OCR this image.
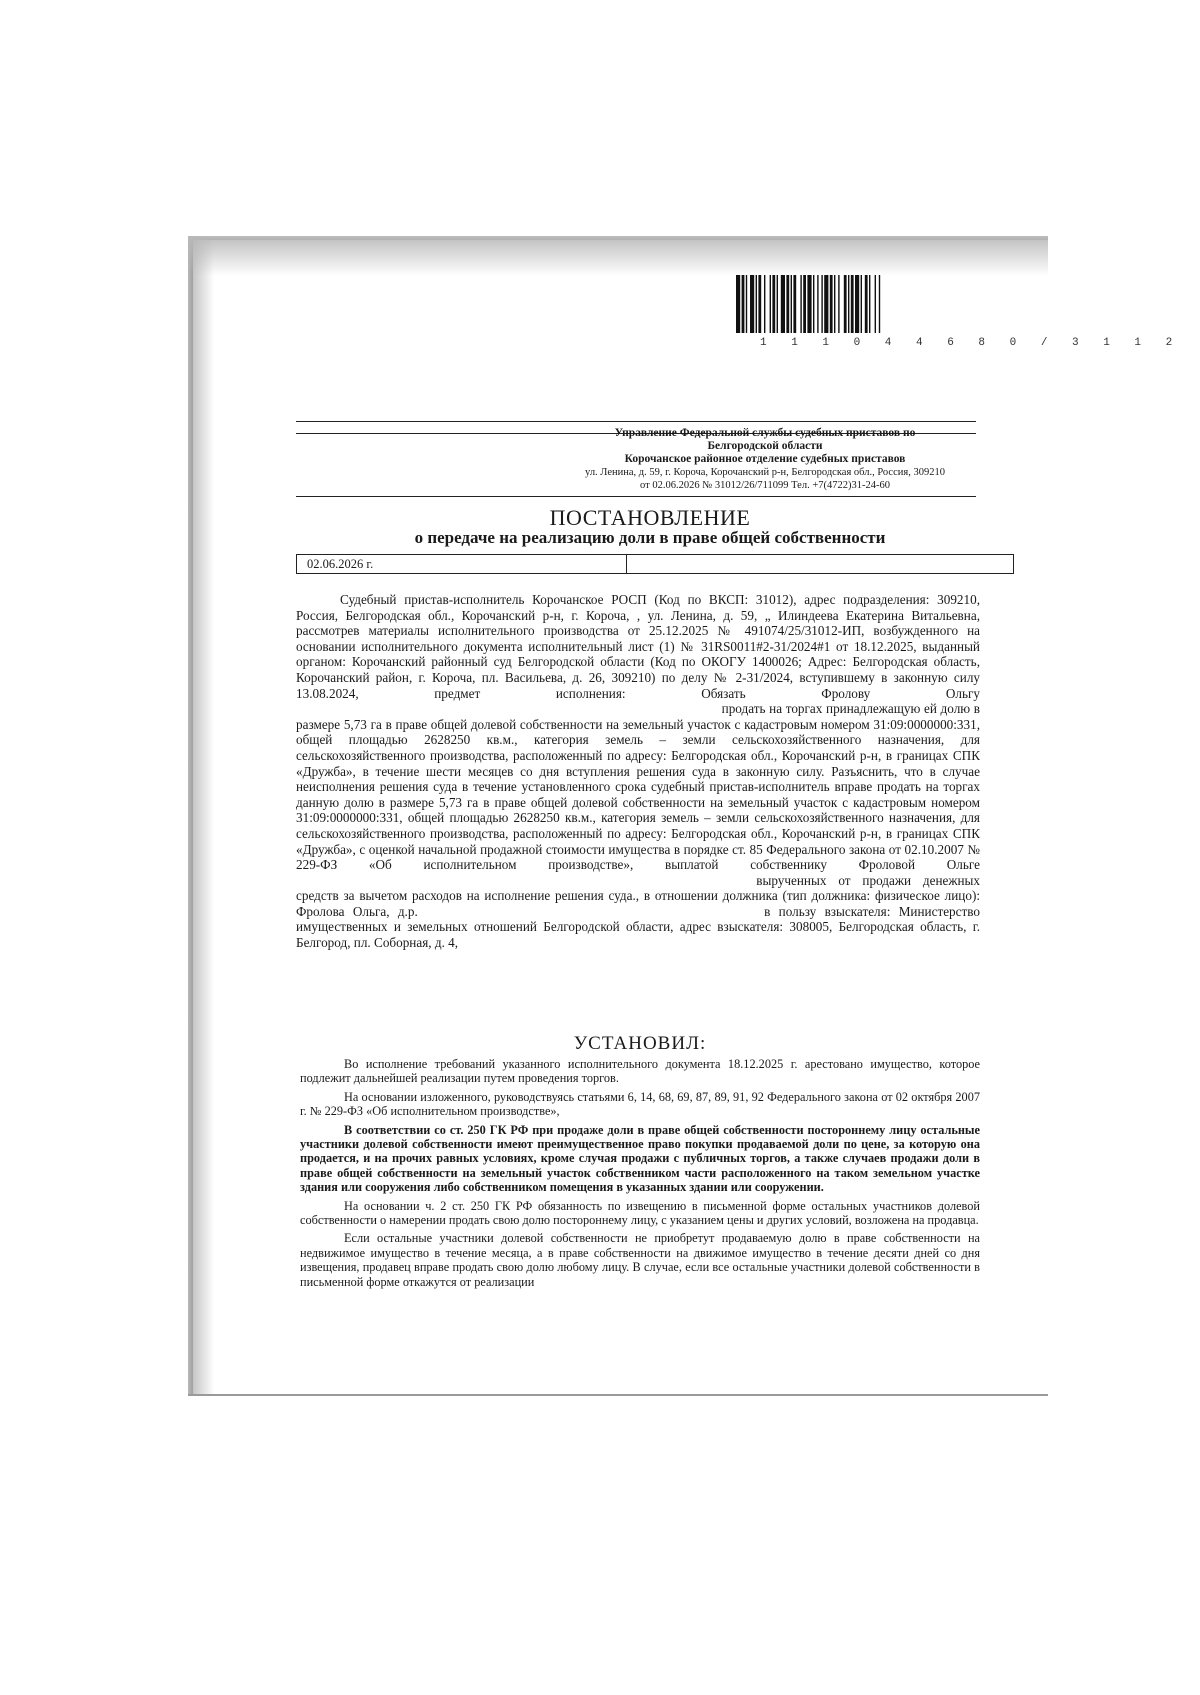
1 1 1 0 4 4 6 8 0 / 3 1 1 2
Управление Федеральной службы судебных приставов по
Белгородской области
Корочанское районное отделение судебных приставов
ул. Ленина, д. 59, г. Короча, Корочанский р-н, Белгородская обл., Россия, 309210
от 02.06.2026 № 31012/26/711099 Тел. +7(4722)31-24-60
ПОСТАНОВЛЕНИЕ
о передаче на реализацию доли в праве общей собственности
02.06.2026 г.

Судебный пристав-исполнитель Корочанское РОСП (Код по ВКСП: 31012), адрес подразделения: 309210, Россия, Белгородская обл., Корочанский р-н, г. Короча, , ул. Ленина, д. 59, „ Илиндеева Екатерина Витальевна, рассмотрев материалы исполнительного производства от 25.12.2025 № 491074/25/31012-ИП, возбужденного на основании исполнительного документа исполнительный лист (1) № 31RS0011#2-31/2024#1 от 18.12.2025, выданный органом: Корочанский районный суд Белгородской области (Код по ОКОГУ 1400026; Адрес: Белгородская область, Корочанский район, г. Короча, пл. Васильева, д. 26, 309210) по делу № 2-31/2024, вступившему в законную силу 13.08.2024, предмет исполнения: Обязать Фролову Ольгу xxxxxxxxxxxxxxxxxxxxxxxxxxxxxxxxxxxxxxxxxxxxxxxxxxxxxxxxxxxxxxxx продать на торгах принадлежащую ей долю в размере 5,73 га в праве общей долевой собственности на земельный участок с кадастровым номером 31:09:0000000:331, общей площадью 2628250 кв.м., категория земель – земли сельскохозяйственного назначения, для сельскохозяйственного производства, расположенный по адресу: Белгородская обл., Корочанский р-н, в границах СПК «Дружба», в течение шести месяцев со дня вступления решения суда в законную силу. Разъяснить, что в случае неисполнения решения суда в течение установленного срока судебный пристав-исполнитель вправе продать на торгах данную долю в размере 5,73 га в праве общей долевой собственности на земельный участок с кадастровым номером 31:09:0000000:331, общей площадью 2628250 кв.м., категория земель – земли сельскохозяйственного назначения, для сельскохозяйственного производства, расположенный по адресу: Белгородская обл., Корочанский р-н, в границах СПК «Дружба», с оценкой начальной продажной стоимости имущества в порядке ст. 85 Федерального закона от 02.10.2007 № 229-ФЗ «Об исполнительном производстве», выплатой собственнику Фроловой Ольге xxxxxxxxxxxxxxxxxxxxxxxxxxxxxxxxxxxxxxxxxxxxxxxxxxxxxxxxxxxxxxxxxxxx вырученных от продажи денежных средств за вычетом расходов на исполнение решения суда., в отношении должника (тип должника: физическое лицо): Фролова Ольга, д.р. xxxxxxxxxxxxxxxxxxxxxxxxxxxxxxxxxxxxxxxxxxxxxxxxxx в пользу взыскателя: Министерство имущественных и земельных отношений Белгородской области, адрес взыскателя: 308005, Белгородская область, г. Белгород, пл. Соборная, д. 4,

УСТАНОВИЛ:

Во исполнение требований указанного исполнительного документа 18.12.2025 г. арестовано имущество, которое подлежит дальнейшей реализации путем проведения торгов.

На основании изложенного, руководствуясь статьями 6, 14, 68, 69, 87, 89, 91, 92 Федерального закона от 02 октября 2007 г. № 229-ФЗ «Об исполнительном производстве»,

В соответствии со ст. 250 ГК РФ при продаже доли в праве общей собственности постороннему лицу остальные участники долевой собственности имеют преимущественное право покупки продаваемой доли по цене, за которую она продается, и на прочих равных условиях, кроме случая продажи с публичных торгов, а также случаев продажи доли в праве общей собственности на земельный участок собственником части расположенного на таком земельном участке здания или сооружения либо собственником помещения в указанных здании или сооружении.

На основании ч. 2 ст. 250 ГК РФ обязанность по извещению в письменной форме остальных участников долевой собственности о намерении продать свою долю постороннему лицу, с указанием цены и других условий, возложена на продавца.

Если остальные участники долевой собственности не приобретут продаваемую долю в праве собственности на недвижимое имущество в течение месяца, а в праве собственности на движимое имущество в течение десяти дней со дня извещения, продавец вправе продать свою долю любому лицу. В случае, если все остальные участники долевой собственности в письменной форме откажутся от реализации
